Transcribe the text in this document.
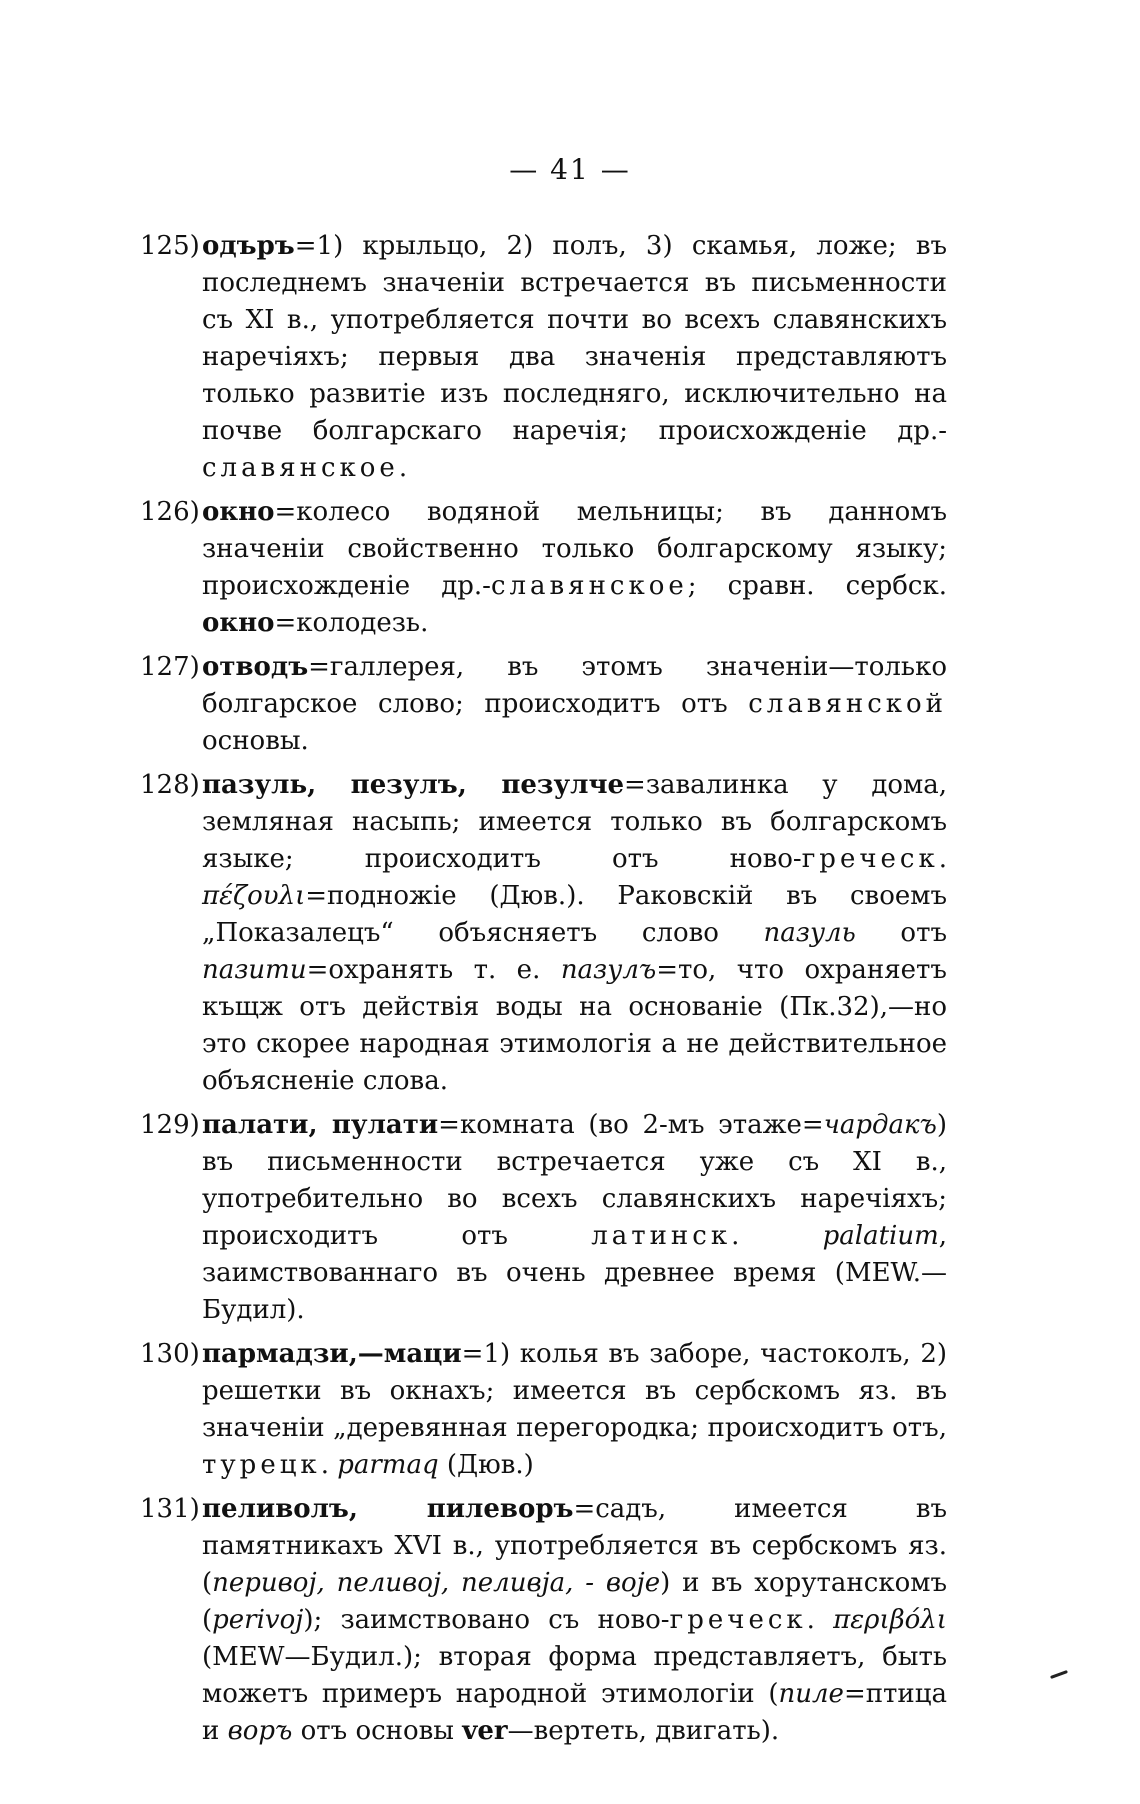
— 41 —
125) одъръ=1) крыльцо, 2) полъ, 3) скамья, ложе; въ последнемъ значенiи встречается въ письменности съ XI в., употребляется почти во всехъ славянскихъ наречiяхъ; первыя два значенiя представляютъ только развитiе изъ последняго, исключительно на почве болгарскаго наречiя; происхожденiе др.-славянское.
126) окно=колесо водяной мельницы; въ данномъ значенiи свойственно только болгарскому языку; происхожденiе др.-славянское; сравн. сербск. окно=колодезь.
127) отводъ=галлерея, въ этомъ значенiи—только болгарское слово; происходитъ отъ славянской основы.
128) пазуль, пезулъ, пезулче=завалинка у дома, земляная насыпь; имеется только въ болгарскомъ языке; происходитъ отъ ново-греческ. πέζουλι=подножiе (Дюв.). Раковскiй въ своемъ „Показалецъ“ объясняетъ слово пазуль отъ пазити=охранять т. е. пазулъ=то, что охраняетъ къщж отъ действiя воды на основанiе (Пк.32),—но это скорее народная этимологiя а не действительное объясненiе слова.
129) палати, пулати=комната (во 2-мъ этаже=чардакъ) въ письменности встречается уже съ XI в., употребительно во всехъ славянскихъ наречiяхъ; происходитъ отъ латинск. palatium, заимствованнаго въ очень древнее время (MEW.—Будил).
130) пармадзи,—маци=1) колья въ заборе, частоколъ, 2) решетки въ окнахъ; имеется въ сербскомъ яз. въ значенiи „деревянная перегородка; происходитъ отъ, турецк. parmaq (Дюв.)
131) пеливолъ, пилеворъ=садъ, имеется въ памятникахъ XVI в., употребляется въ сербскомъ яз. (перивоj, пеливоj, пеливjа, - воjе) и въ хорутанскомъ (perivoj); заимствовано съ ново-греческ. περιβόλι (MEW—Будил.); вторая форма представляетъ, быть можетъ примеръ народной этимологiи (пиле=птица и воръ отъ основы ver—вертеть, двигать).
